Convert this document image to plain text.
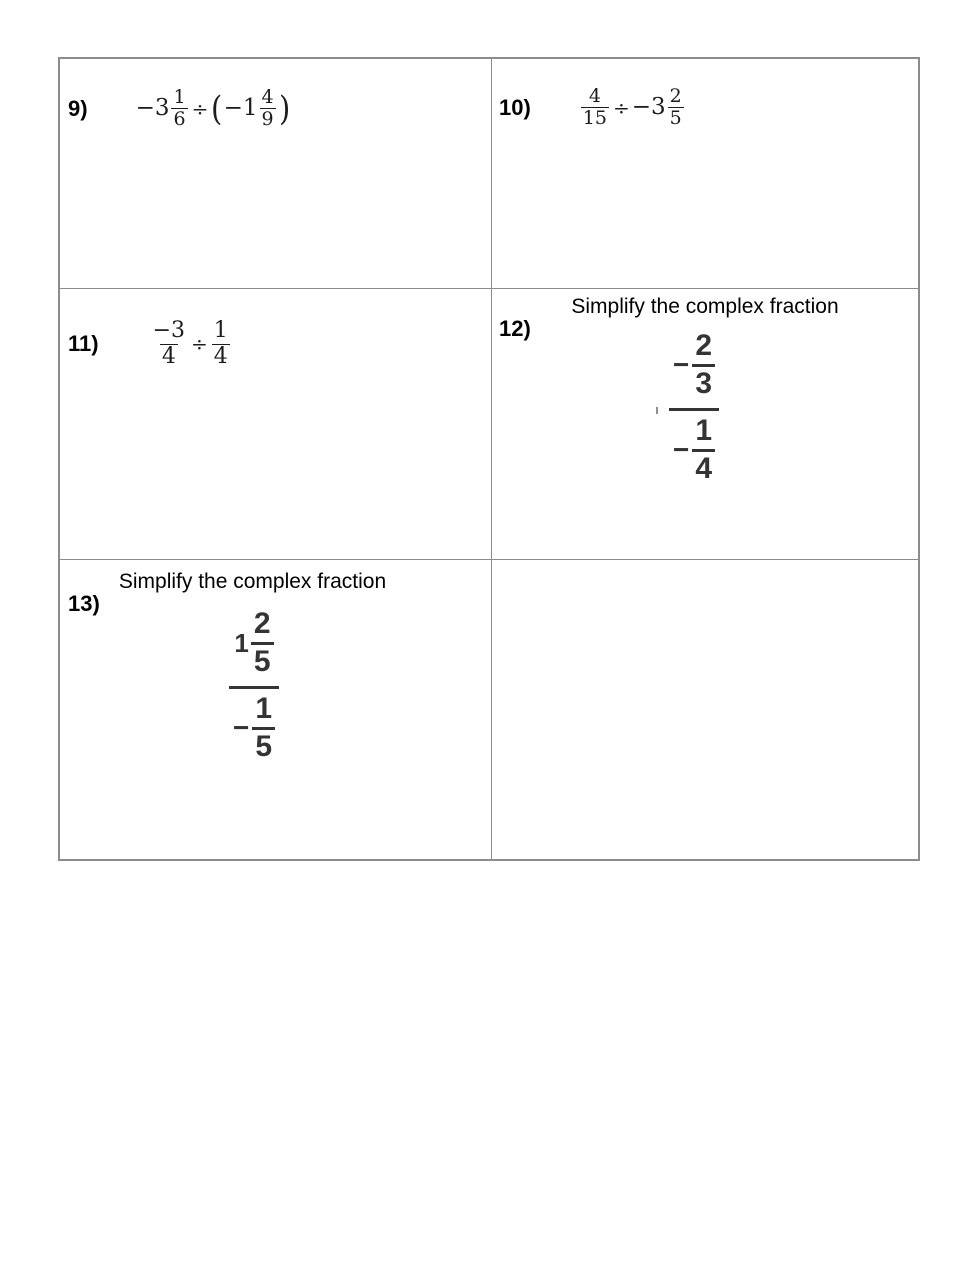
$9) -3 \frac{1}{6}$ ÷ ( $-1 \frac{4}{9}$ )	10)	$\frac{4}{15} \div -3 \frac{2}{5}$
$11) \frac{-3}{4} \div \frac{1}{4}$
Simplify the complex fraction
12)
− $\frac{2}{3}$
− $\frac{1}{4}$
Simplify the complex fraction
13)
$1 \frac{2}{5}$
− $\frac{1}{5}$
